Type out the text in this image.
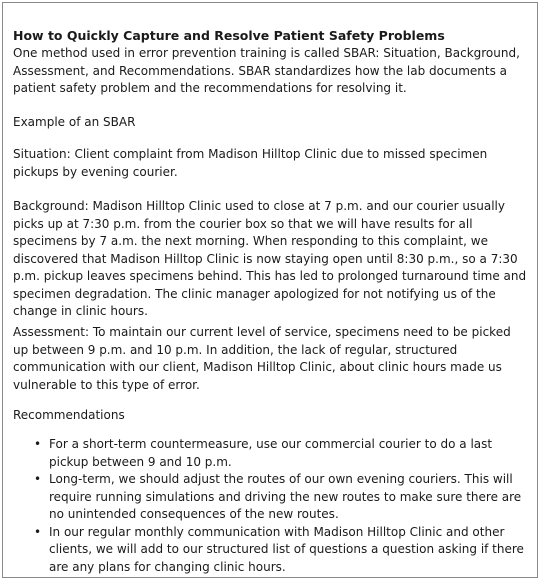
How to Quickly Capture and Resolve Patient Safety Problems

One method used in error prevention training is called SBAR: Situation, Background, Assessment, and Recommendations. SBAR standardizes how the lab documents a patient safety problem and the recommendations for resolving it.

Example of an SBAR

Situation: Client complaint from Madison Hilltop Clinic due to missed specimen pickups by evening courier.

Background: Madison Hilltop Clinic used to close at 7 p.m. and our courier usually picks up at 7:30 p.m. from the courier box so that we will have results for all specimens by 7 a.m. the next morning. When responding to this complaint, we discovered that Madison Hilltop Clinic is now staying open until 8:30 p.m., so a 7:30 p.m. pickup leaves specimens behind. This has led to prolonged turnaround time and specimen degradation. The clinic manager apologized for not notifying us of the change in clinic hours.

Assessment: To maintain our current level of service, specimens need to be picked up between 9 p.m. and 10 p.m. In addition, the lack of regular, structured communication with our client, Madison Hilltop Clinic, about clinic hours made us vulnerable to this type of error.

Recommendations

• For a short-term countermeasure, use our commercial courier to do a last pickup between 9 and 10 p.m.
• Long-term, we should adjust the routes of our own evening couriers. This will require running simulations and driving the new routes to make sure there are no unintended consequences of the new routes.
• In our regular monthly communication with Madison Hilltop Clinic and other clients, we will add to our structured list of questions a question asking if there are any plans for changing clinic hours.
